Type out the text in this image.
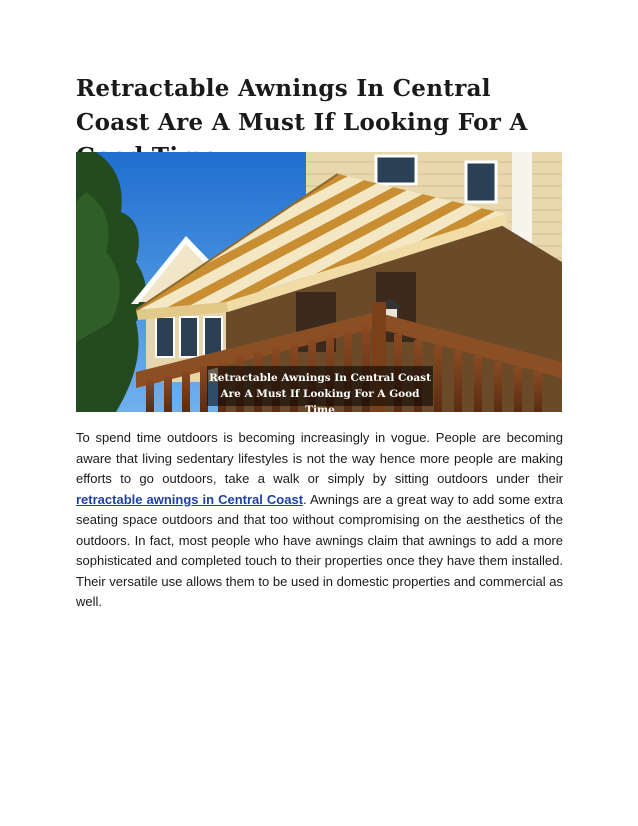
Retractable Awnings In Central Coast Are A Must If Looking For A
Retractable Awnings In Central Coast
Are A Must If Looking For A Good Time

To spend time outdoors is becoming increasingly in vogue. People are becoming aware that living sedentary lifestyles is not the way hence more people are making efforts to go outdoors, take a walk or simply by sitting outdoors under their retractable awnings in Central Coast. Awnings are a great way to add some extra seating space outdoors and that too without compromising on the aesthetics of the outdoors. In fact, most people who have awnings claim that awnings to add a more sophisticated and completed touch to their properties once they have them installed. Their versatile use allows them to be used in domestic properties and commercial as well.
